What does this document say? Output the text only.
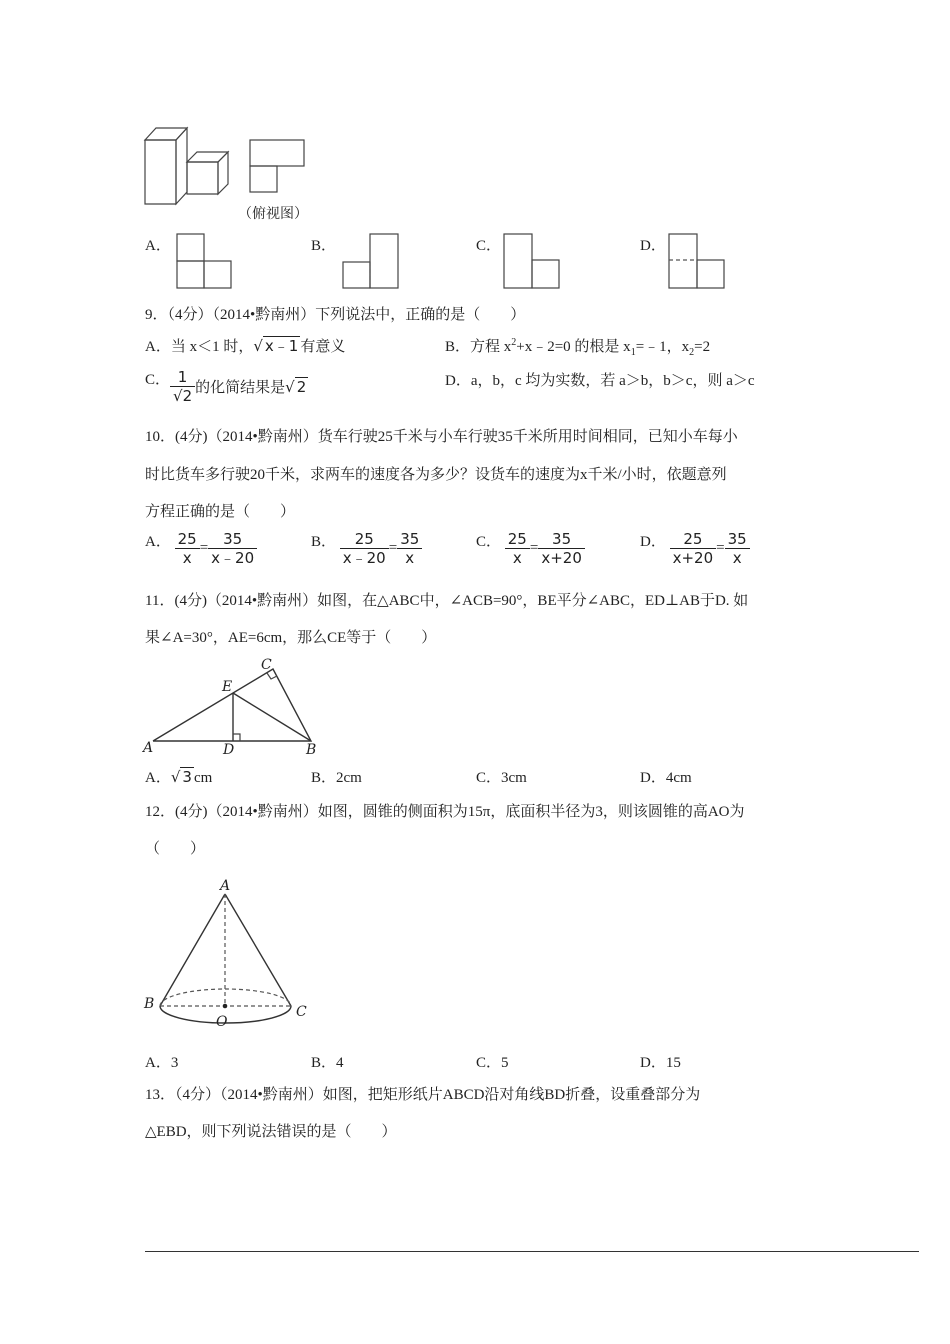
（俯视图）
A．	B．	C．	D．
9．（4分）（2014•黔南州）下列说法中，正确的是（　　）
A．当 x＜1 时，√ x﹣1 有意义	B．方程 $x^2+x﹣2=0$ 的根是 $x_1=﹣1$，$x_2=2$
C． $\frac{1}{√2}$ 的化简结果是√ 2	D．a，b，c 均为实数，若 a＞b，b＞c，则 a＞c
10．(4分)（2014•黔南州）货车行驶25千米与小车行驶35千米所用时间相同，已知小车每小
时比货车多行驶20千米，求两车的速度各为多少？设货车的速度为x千米/小时，依题意列
方程正确的是（　　）
A． $\frac{25}{x} = \frac{35}{x﹣20}$	B． $\frac{25}{x﹣20} = \frac{35}{x}$	C． $\frac{25}{x} = \frac{35}{x+20}$	D． $\frac{25}{x+20} = \frac{35}{x}$
11．(4分)（2014•黔南州）如图，在△ABC中，∠ACB=90°，BE平分∠ABC，ED⊥AB于D. 如
果∠A=30°，AE=6cm，那么CE等于（　　）
A	D	B
E
C
A．√ 3 cm	B．2cm	C．3cm	D．4cm
12．(4分)（2014•黔南州）如图，圆锥的侧面积为15π，底面积半径为3，则该圆锥的高AO为
（　　）
A
B	C
O
A．3	B．4	C．5	D．15
13．（4分）（2014•黔南州）如图，把矩形纸片ABCD沿对角线BD折叠，设重叠部分为
△EBD，则下列说法错误的是（　　）
